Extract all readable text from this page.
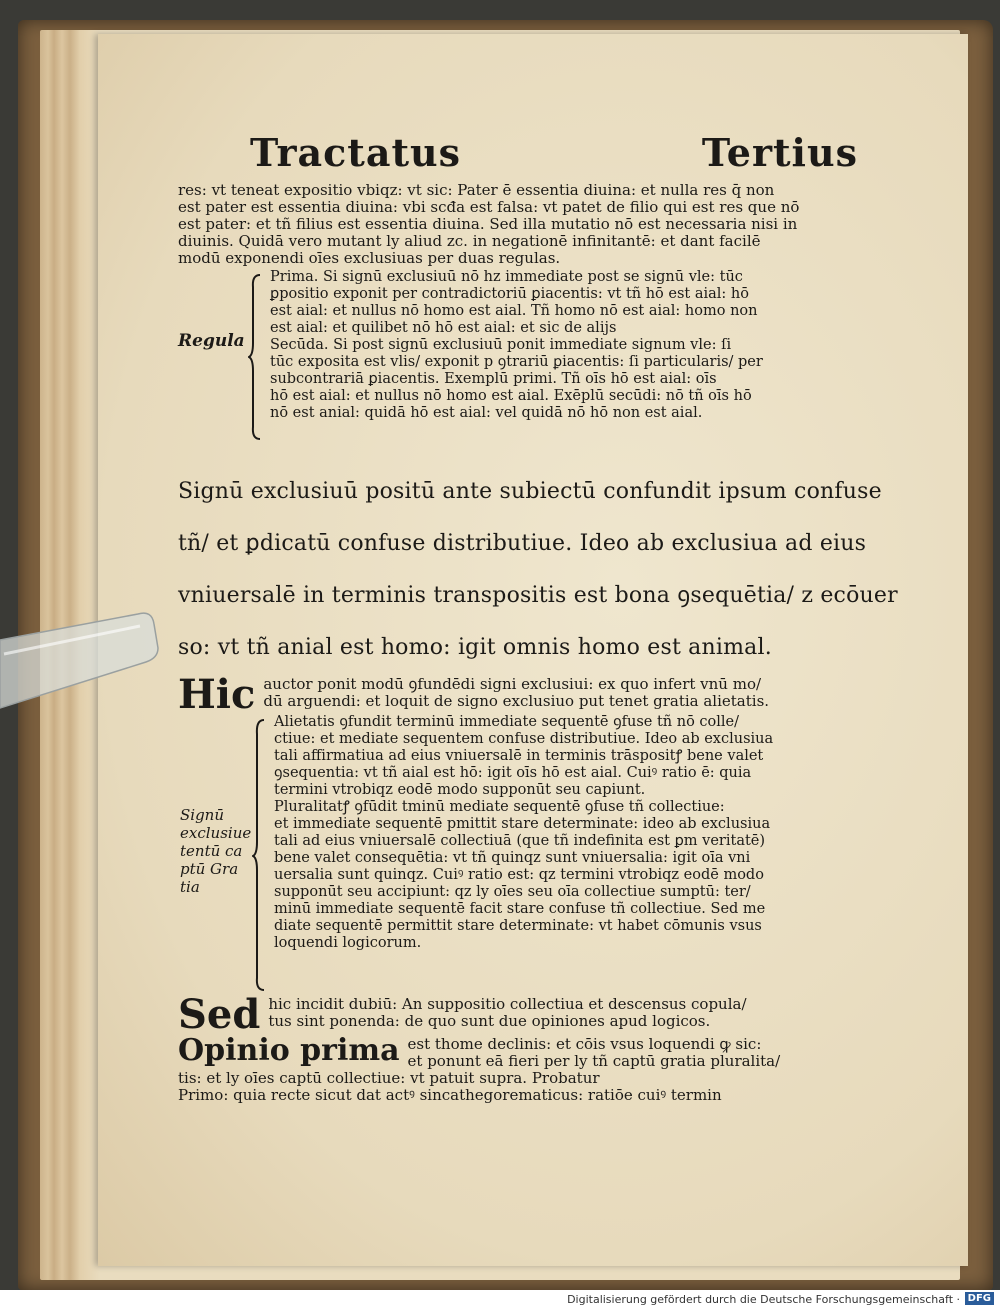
Tractatus	Tertius

res: vt teneat expositio vbiqz: vt sic: Pater ē essentia diuina: et nulla res q̄ non

est pater est essentia diuina: vbi scđa est falsa: vt patet de filio qui est res que nō

est pater: et tñ filius est essentia diuina. Sed illa mutatio nō est necessaria nisi in

diuinis. Quidā vero mutant ly aliud zc. in negationē infinitantē: et dant facilē

modū exponendi oīes exclusiuas per duas regulas.

Regula

Prima. Si signū exclusiuū nō hz immediate post se signū vle: tūc

ꝑpositio exponit per contradictoriū ꝑiacentis: vt tñ hō est aial: hō

est aial: et nullus nō homo est aial. Tñ homo nō est aial: homo non

est aial: et quilibet nō hō est aial: et sic de alijs

Secūda. Si post signū exclusiuū ponit immediate signum vle: ſi

tūc exposita est vlis/ exponit p ꝯtrariū ꝑiacentis: ſi particularis/ per

subcontrariā ꝑiacentis. Exemplū primi. Tñ oīs hō est aial: oīs

hō est aial: et nullus nō homo est aial. Exēplū secūdi: nō tñ oīs hō

nō est anial: quidā hō est aial: vel quidā nō hō non est aial.

Signū exclusiuū positū ante subiectū confundit ipsum confuse
tñ/ et ꝑdicatū confuse distributiue. Ideo ab exclusiua ad eius
vniuersalē in terminis transpositis est bona ꝯsequētia/ z ecōuer
so: vt tñ anial est homo: igit omnis homo est animal.
Hic auctor ponit modū ꝯfundēdi signi exclusiui: ex quo infert vnū mo/

dū arguendi: et loquit de signo exclusiuo put tenet gratia alietatis.

Signū exclusiue tentū ca ptū Gra tia

Alietatis ꝯfundit terminū immediate sequentē ꝯfuse tñ nō colle/

ctiue: et mediate sequentem confuse distributiue. Ideo ab exclusiua

tali affirmatiua ad eius vniuersalē in terminis trāspositꝭ bene valet

ꝯsequentia: vt tñ aial est hō: igit oīs hō est aial. Cuiꝰ ratio ē: quia

termini vtrobiqz eodē modo supponūt seu capiunt.

Pluralitatꝭ ꝯfūdit tminū mediate sequentē ꝯfuse tñ collectiue:

et immediate sequentē pmittit stare determinate: ideo ab exclusiua

tali ad eius vniuersalē collectiuā (que tñ indefinita est ꝑm veritatē)

bene valet consequētia: vt tñ quinqz sunt vniuersalia: igit oīa vni

uersalia sunt quinqz. Cuiꝰ ratio est: qz termini vtrobiqz eodē modo

supponūt seu accipiunt: qz ly oīes seu oīa collectiue sumptū: ter/

minū immediate sequentē facit stare confuse tñ collectiue. Sed me

diate sequentē permittit stare determinate: vt habet cōmunis vsus

loquendi logicorum.

Sed hic incidit dubiū: An suppositio collectiua et descensus copula/

tus sint ponenda: de quo sunt due opiniones apud logicos.

Opinio prima est thome declinis: et cōis vsus loquendi ꝙ sic:

et ponunt eā fieri per ly tñ captū gratia pluralita/

tis: et ly oīes captū collectiue: vt patuit supra. Probatur

Primo: quia recte sicut dat actꝰ sincathegorematicus: ratiōe cuiꝰ termin

Digitalisierung gefördert durch die Deutsche Forschungsgemeinschaft · DFG
